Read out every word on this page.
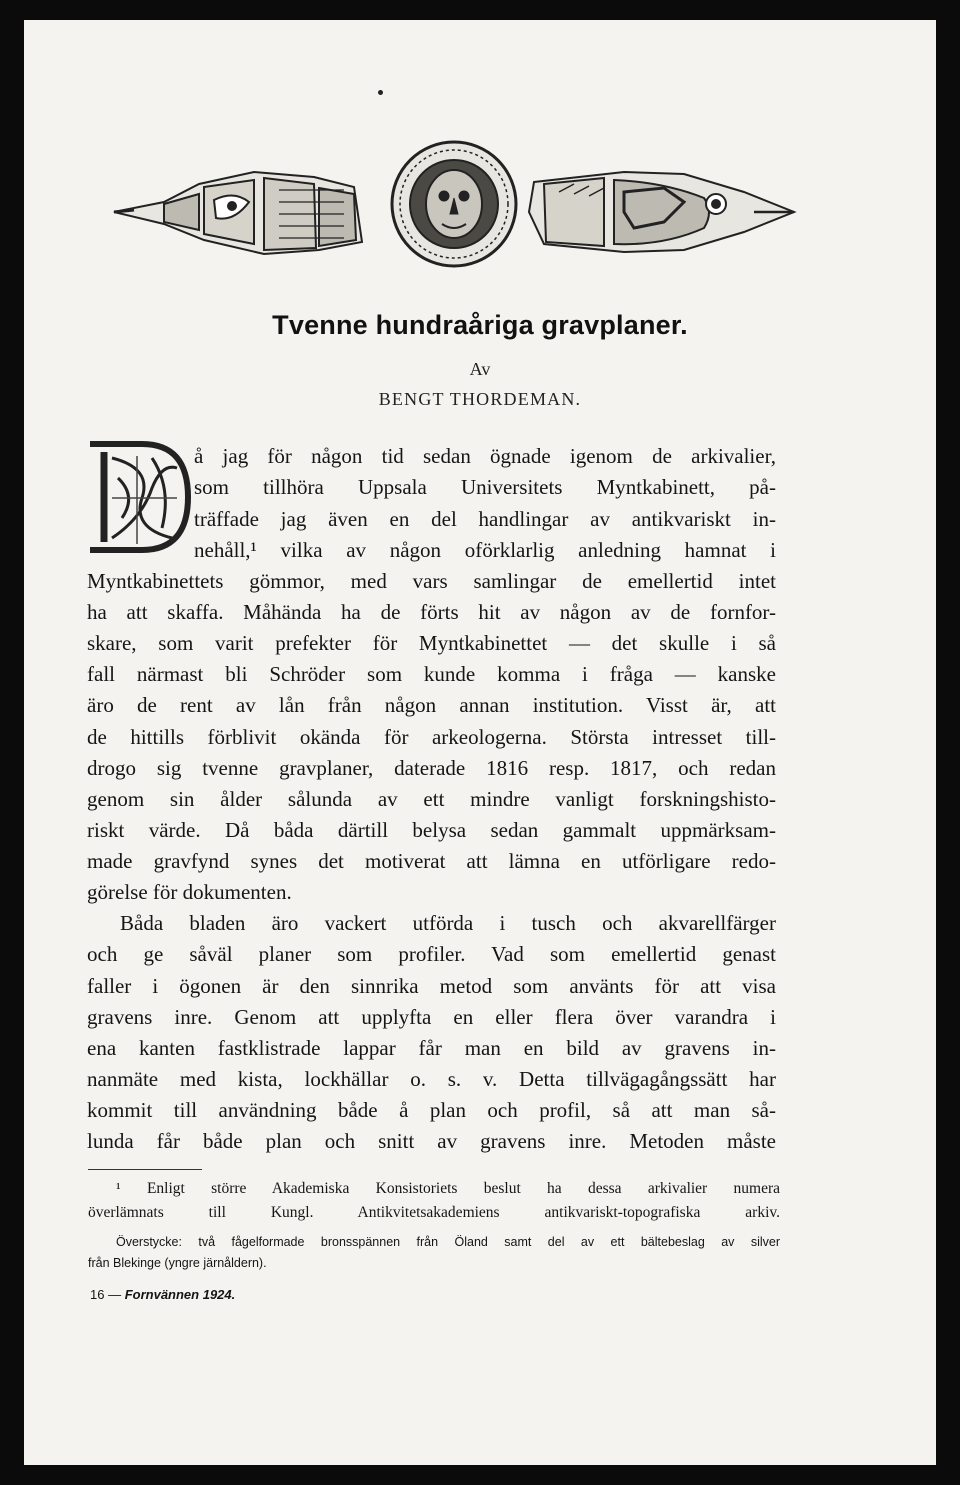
Tvenne hundraåriga gravplaner.
Av
BENGT THORDEMAN.
å jag för någon tid sedan ögnade igenom de arkivalier,
som tillhöra Uppsala Universitets Myntkabinett, på-
träffade jag även en del handlingar av antikvariskt in-
nehåll,¹ vilka av någon oförklarlig anledning hamnat i
Myntkabinettets gömmor, med vars samlingar de emellertid intet
ha att skaffa. Måhända ha de förts hit av någon av de fornfor-
skare, som varit prefekter för Myntkabinettet — det skulle i så
fall närmast bli Schröder som kunde komma i fråga — kanske
äro de rent av lån från någon annan institution. Visst är, att
de hittills förblivit okända för arkeologerna. Största intresset till-
drogo sig tvenne gravplaner, daterade 1816 resp. 1817, och redan
genom sin ålder sålunda av ett mindre vanligt forskningshisto-
riskt värde. Då båda därtill belysa sedan gammalt uppmärksam-
made gravfynd synes det motiverat att lämna en utförligare redo-
görelse för dokumenten.
Båda bladen äro vackert utförda i tusch och akvarellfärger
och ge såväl planer som profiler. Vad som emellertid genast
faller i ögonen är den sinnrika metod som använts för att visa
gravens inre. Genom att upplyfta en eller flera över varandra i
ena kanten fastklistrade lappar får man en bild av gravens in-
nanmäte med kista, lockhällar o. s. v. Detta tillvägagångssätt har
kommit till användning både å plan och profil, så att man så-
lunda får både plan och snitt av gravens inre. Metoden måste
¹ Enligt större Akademiska Konsistoriets beslut ha dessa arkivalier numera
överlämnats till Kungl. Antikvitetsakademiens antikvariskt-topografiska arkiv.
Överstycke: två fågelformade bronsspännen från Öland samt del av ett bältebeslag av silver
från Blekinge (yngre järnåldern).
16 — Fornvännen 1924.
